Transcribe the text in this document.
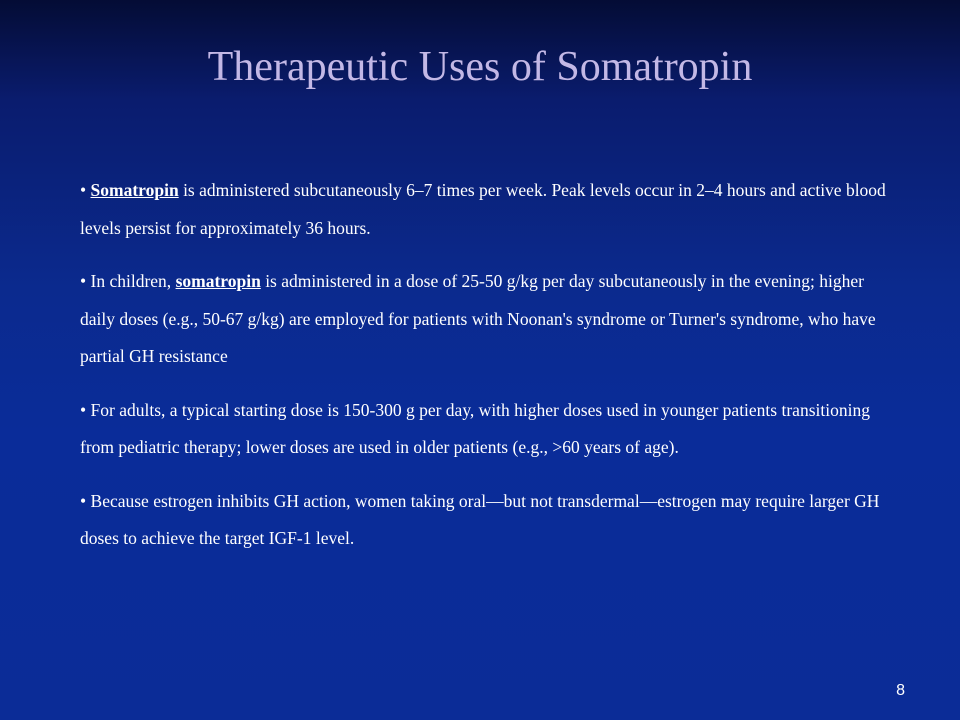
Therapeutic Uses of Somatropin

• Somatropin is administered subcutaneously 6–7 times per week. Peak levels occur in 2–4 hours and active blood levels persist for approximately 36 hours.

• In children, somatropin is administered in a dose of 25-50 g/kg per day subcutaneously in the evening; higher daily doses (e.g., 50-67 g/kg) are employed for patients with Noonan's syndrome or Turner's syndrome, who have partial GH resistance

• For adults, a typical starting dose is 150-300 g per day, with higher doses used in younger patients transitioning from pediatric therapy; lower doses are used in older patients (e.g., >60 years of age).

• Because estrogen inhibits GH action, women taking oral—but not transdermal—estrogen may require larger GH doses to achieve the target IGF-1 level.

8
